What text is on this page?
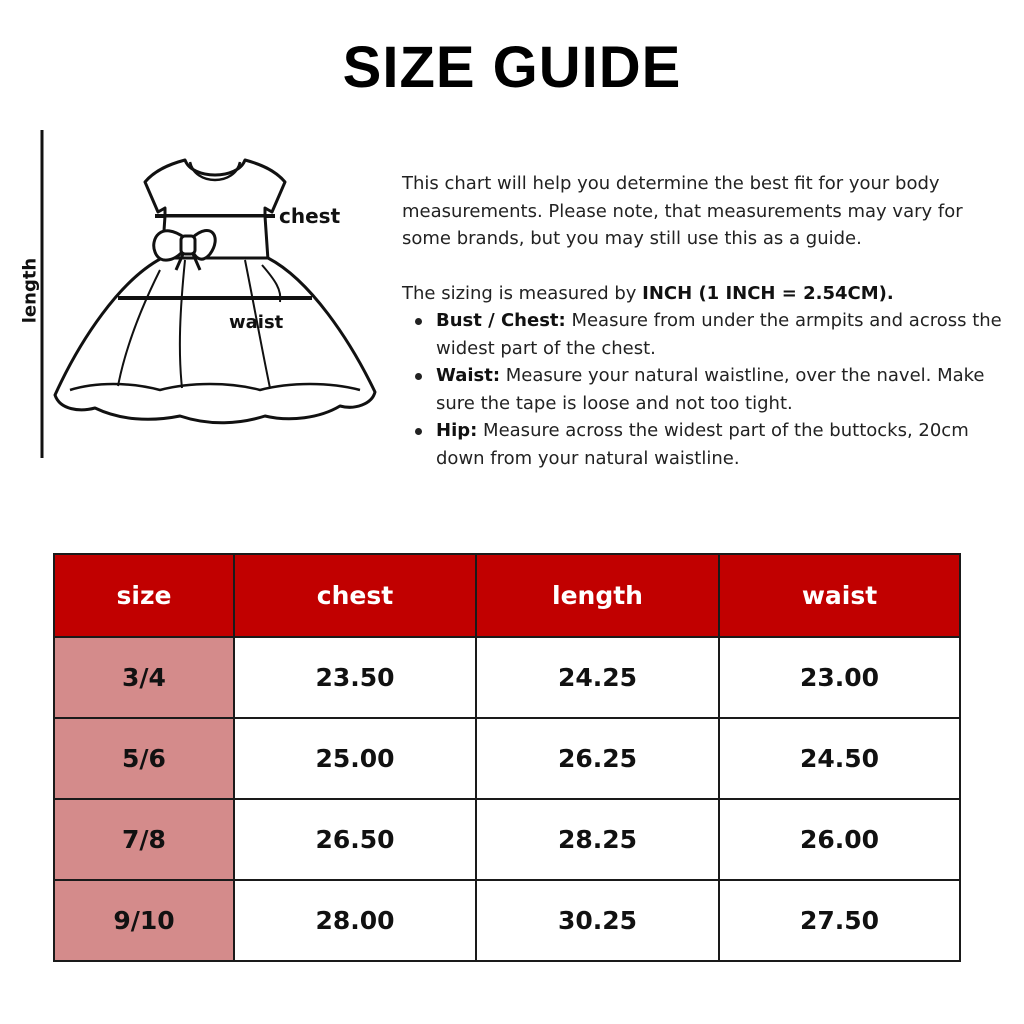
SIZE GUIDE
chest
waist
length

This chart will help you determine the best fit for your body measurements. Please note, that measurements may vary for some brands, but you may still use this as a guide.

The sizing is measured by INCH (1 INCH = 2.54CM).

Bust / Chest: Measure from under the armpits and across the widest part of the chest.
Waist: Measure your natural waistline, over the navel. Make sure the tape is loose and not too tight.
Hip: Measure across the widest part of the buttocks, 20cm down from your natural waistline.
size	chest	length	waist
3/4	23.50	24.25	23.00
5/6	25.00	26.25	24.50
7/8	26.50	28.25	26.00
9/10	28.00	30.25	27.50
